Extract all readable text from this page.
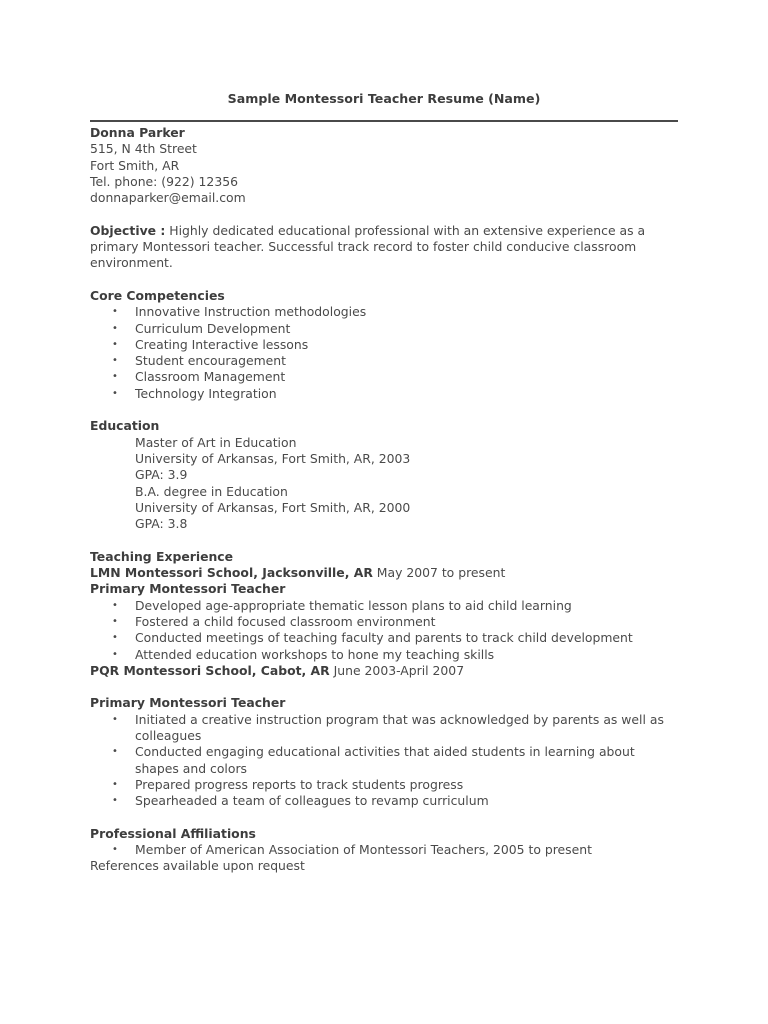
Sample Montessori Teacher Resume (Name)
Donna Parker
515, N 4th Street
Fort Smith, AR
Tel. phone: (922) 12356
donnaparker@email.com
Objective : Highly dedicated educational professional with an extensive experience as a primary Montessori teacher. Successful track record to foster child conducive classroom environment.
Core Competencies
• Innovative Instruction methodologies
• Curriculum Development
• Creating Interactive lessons
• Student encouragement
• Classroom Management
• Technology Integration
Education
Master of Art in Education
University of Arkansas, Fort Smith, AR, 2003
GPA: 3.9
B.A. degree in Education
University of Arkansas, Fort Smith, AR, 2000
GPA: 3.8
Teaching Experience
LMN Montessori School, Jacksonville, AR May 2007 to present
Primary Montessori Teacher
• Developed age-appropriate thematic lesson plans to aid child learning
• Fostered a child focused classroom environment
• Conducted meetings of teaching faculty and parents to track child development
• Attended education workshops to hone my teaching skills
PQR Montessori School, Cabot, AR June 2003-April 2007
Primary Montessori Teacher
• Initiated a creative instruction program that was acknowledged by parents as well as colleagues
• Conducted engaging educational activities that aided students in learning about shapes and colors
• Prepared progress reports to track students progress
• Spearheaded a team of colleagues to revamp curriculum
Professional Affiliations
• Member of American Association of Montessori Teachers, 2005 to present
References available upon request
